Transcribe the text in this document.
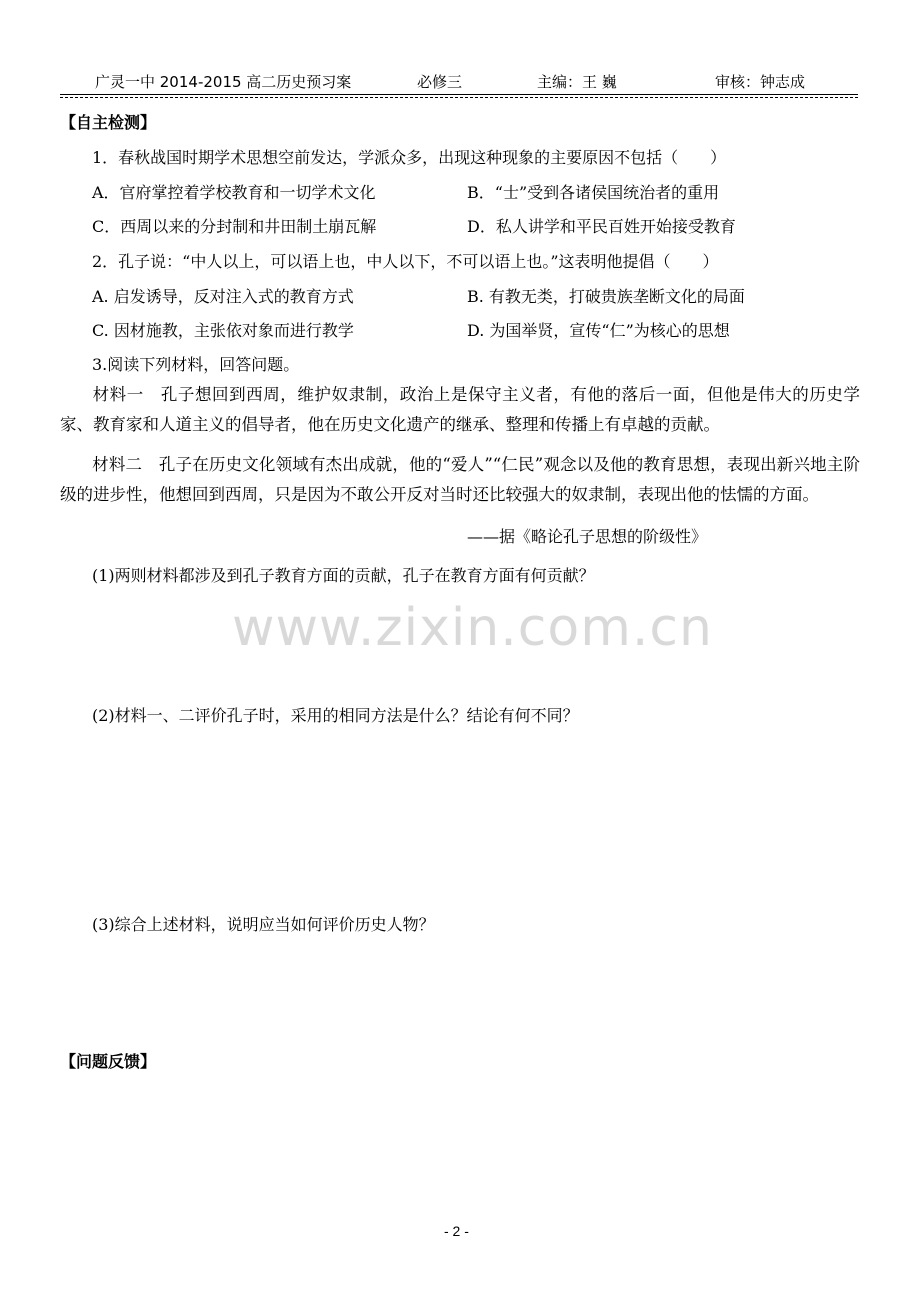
广灵一中 2014-2015 高二历史预习案	必修三	主编：王 巍	审核：钟志成
【自主检测】
1．春秋战国时期学术思想空前发达，学派众多，出现这种现象的主要原因不包括（　　）
A．官府掌控着学校教育和一切学术文化	B．“士”受到各诸侯国统治者的重用
C．西周以来的分封制和井田制土崩瓦解	D．私人讲学和平民百姓开始接受教育
2．孔子说：“中人以上，可以语上也，中人以下，不可以语上也。”这表明他提倡（　　）
A. 启发诱导，反对注入式的教育方式	B. 有教无类，打破贵族垄断文化的局面
C. 因材施教，主张依对象而进行教学	D. 为国举贤，宣传“仁”为核心的思想
3.阅读下列材料，回答问题。
材料一　孔子想回到西周，维护奴隶制，政治上是保守主义者，有他的落后一面，但他是伟大的历史学家、教育家和人道主义的倡导者，他在历史文化遗产的继承、整理和传播上有卓越的贡献。
材料二　孔子在历史文化领域有杰出成就，他的“爱人”“仁民”观念以及他的教育思想，表现出新兴地主阶级的进步性，他想回到西周，只是因为不敢公开反对当时还比较强大的奴隶制，表现出他的怯懦的方面。
——据《略论孔子思想的阶级性》
(1)两则材料都涉及到孔子教育方面的贡献，孔子在教育方面有何贡献？
www.zixin.com.cn
(2)材料一、二评价孔子时，采用的相同方法是什么？结论有何不同？
(3)综合上述材料，说明应当如何评价历史人物？
【问题反馈】
- 2 -
